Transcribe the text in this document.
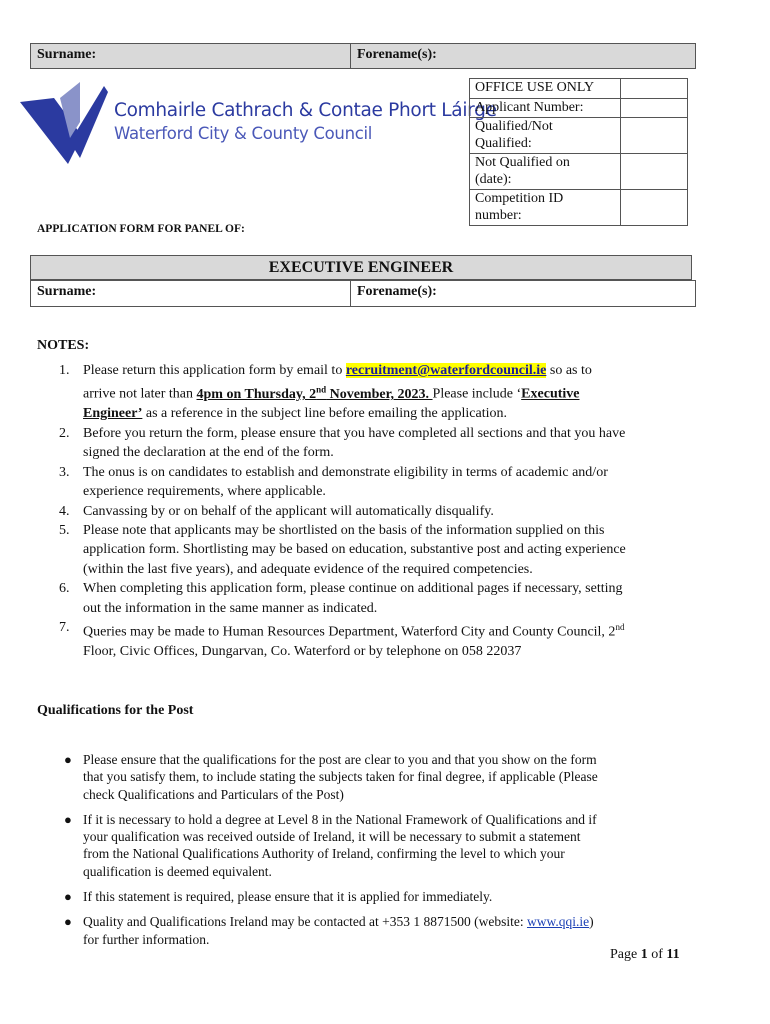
Surname:	Forename(s):
Comhairle Cathrach & Contae Phort Láirge
Waterford City & County Council
OFFICE USE ONLY	
Applicant Number:	
Qualified/Not
Qualified:	
Not Qualified on
(date):	
Competition ID
number:	
APPLICATION FORM FOR PANEL OF:
EXECUTIVE ENGINEER
Surname:	Forename(s):
NOTES:
1. Please return this application form by email to recruitment@waterfordcouncil.ie so as to
arrive not later than 4pm on Thursday, 2nd November, 2023. Please include ‘Executive
Engineer’ as a reference in the subject line before emailing the application.
2. Before you return the form, please ensure that you have completed all sections and that you have
signed the declaration at the end of the form.
3. The onus is on candidates to establish and demonstrate eligibility in terms of academic and/or
experience requirements, where applicable.
4. Canvassing by or on behalf of the applicant will automatically disqualify.
5. Please note that applicants may be shortlisted on the basis of the information supplied on this
application form. Shortlisting may be based on education, substantive post and acting experience
(within the last five years), and adequate evidence of the required competencies.
6. When completing this application form, please continue on additional pages if necessary, setting
out the information in the same manner as indicated.
7. Queries may be made to Human Resources Department, Waterford City and County Council, 2nd
Floor, Civic Offices, Dungarvan, Co. Waterford or by telephone on 058 22037
Qualifications for the Post
● Please ensure that the qualifications for the post are clear to you and that you show on the form
that you satisfy them, to include stating the subjects taken for final degree, if applicable (Please
check Qualifications and Particulars of the Post)
● If it is necessary to hold a degree at Level 8 in the National Framework of Qualifications and if
your qualification was received outside of Ireland, it will be necessary to submit a statement
from the National Qualifications Authority of Ireland, confirming the level to which your
qualification is deemed equivalent.
● If this statement is required, please ensure that it is applied for immediately.
● Quality and Qualifications Ireland may be contacted at +353 1 8871500 (website: www.qqi.ie)
for further information.
Page 1 of 11
